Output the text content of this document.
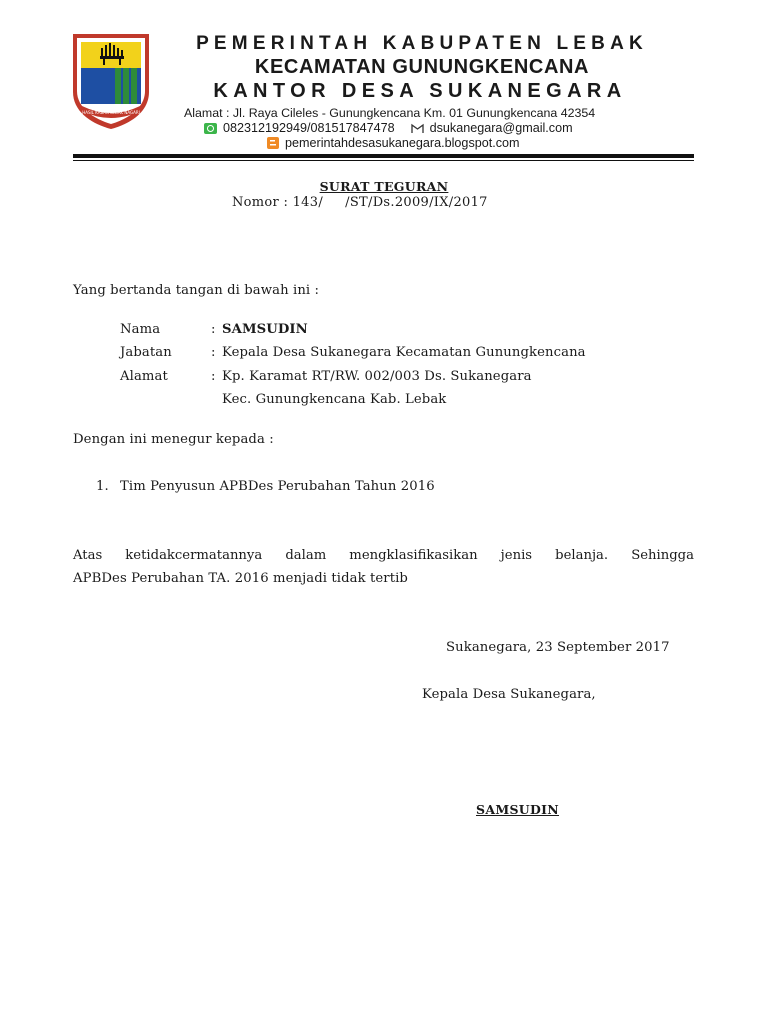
HASIL KABAN LEBAK NAGARI
PEMERINTAH KABUPATEN LEBAK
KECAMATAN GUNUNGKENCANA
KANTOR DESA SUKANEGARA
Alamat : Jl. Raya Cileles - Gunungkencana Km. 01 Gunungkencana 42354
082312192949/081517847478	dsukanegara@gmail.com
pemerintahdesasukanegara.blogspot.com
SURAT TEGURAN
Nomor : 143/     /ST/Ds.2009/IX/2017
Yang bertanda tangan di bawah ini :
Nama	: SAMSUDIN
Jabatan	: Kepala Desa Sukanegara Kecamatan Gunungkencana
Alamat	: Kp. Karamat RT/RW. 002/003 Ds. Sukanegara
Kec. Gunungkencana Kab. Lebak
Dengan ini menegur kepada :
1. Tim Penyusun APBDes Perubahan Tahun 2016
Atas ketidakcermatannya dalam mengklasifikasikan jenis belanja. Sehingga
APBDes Perubahan TA. 2016 menjadi tidak tertib
Sukanegara, 23 September 2017
Kepala Desa Sukanegara,
SAMSUDIN
